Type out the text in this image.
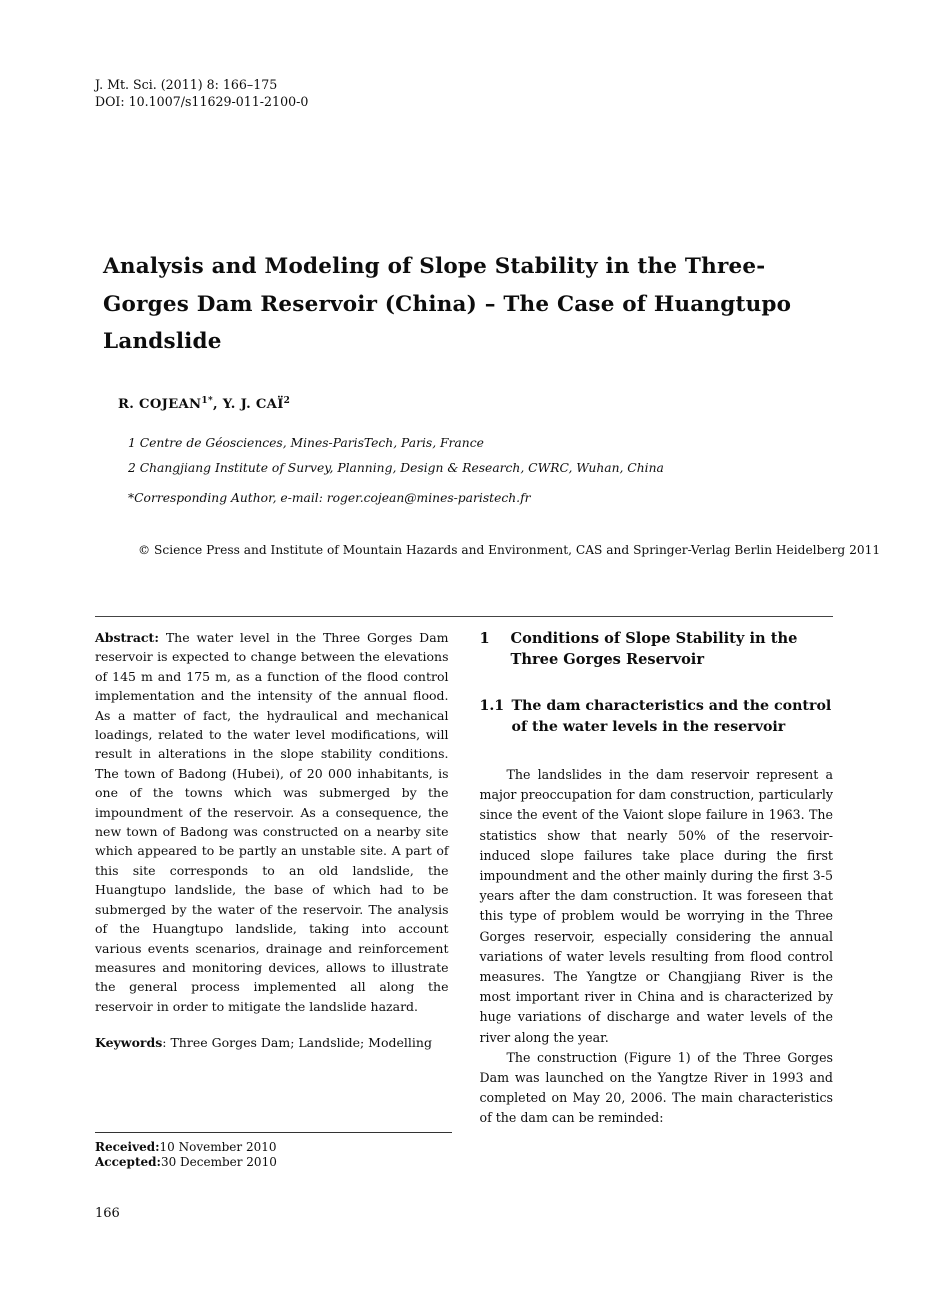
J. Mt. Sci. (2011) 8: 166–175
DOI: 10.1007/s11629-011-2100-0
Analysis and Modeling of Slope Stability in the Three-
Gorges Dam Reservoir (China) – The Case of Huangtupo
Landslide
R. $COJEAN^{1*}$, Y. J. CAÏ$^2$
1 Centre de Géosciences, Mines-ParisTech, Paris, France
2 Changjiang Institute of Survey, Planning, Design & Research, CWRC, Wuhan, China
*Corresponding Author, e-mail: roger.cojean@mines-paristech.fr
© Science Press and Institute of Mountain Hazards and Environment, CAS and Springer-Verlag Berlin Heidelberg 2011
Abstract: The water level in the Three Gorges Dam reservoir is expected to change between the elevations of 145 m and 175 m, as a function of the flood control implementation and the intensity of the annual flood. As a matter of fact, the hydraulical and mechanical loadings, related to the water level modifications, will result in alterations in the slope stability conditions. The town of Badong (Hubei), of 20 000 inhabitants, is one of the towns which was submerged by the impoundment of the reservoir. As a consequence, the new town of Badong was constructed on a nearby site which appeared to be partly an unstable site. A part of this site corresponds to an old landslide, the Huangtupo landslide, the base of which had to be submerged by the water of the reservoir. The analysis of the Huangtupo landslide, taking into account various events scenarios, drainage and reinforcement measures and monitoring devices, allows to illustrate the general process implemented all along the reservoir in order to mitigate the landslide hazard.
Keywords: Three Gorges Dam; Landslide; Modelling
1	Conditions of Slope Stability in the Three Gorges Reservoir
1.1 The dam characteristics and the control of the water levels in the reservoir

The landslides in the dam reservoir represent a major preoccupation for dam construction, particularly since the event of the Vaiont slope failure in 1963. The statistics show that nearly 50% of the reservoir-induced slope failures take place during the first impoundment and the other mainly during the first 3-5 years after the dam construction. It was foreseen that this type of problem would be worrying in the Three Gorges reservoir, especially considering the annual variations of water levels resulting from flood control measures. The Yangtze or Changjiang River is the most important river in China and is characterized by huge variations of discharge and water levels of the river along the year.

The construction (Figure 1) of the Three Gorges Dam was launched on the Yangtze River in 1993 and completed on May 20, 2006. The main characteristics of the dam can be reminded:

Received:10 November 2010
Accepted:30 December 2010
166
